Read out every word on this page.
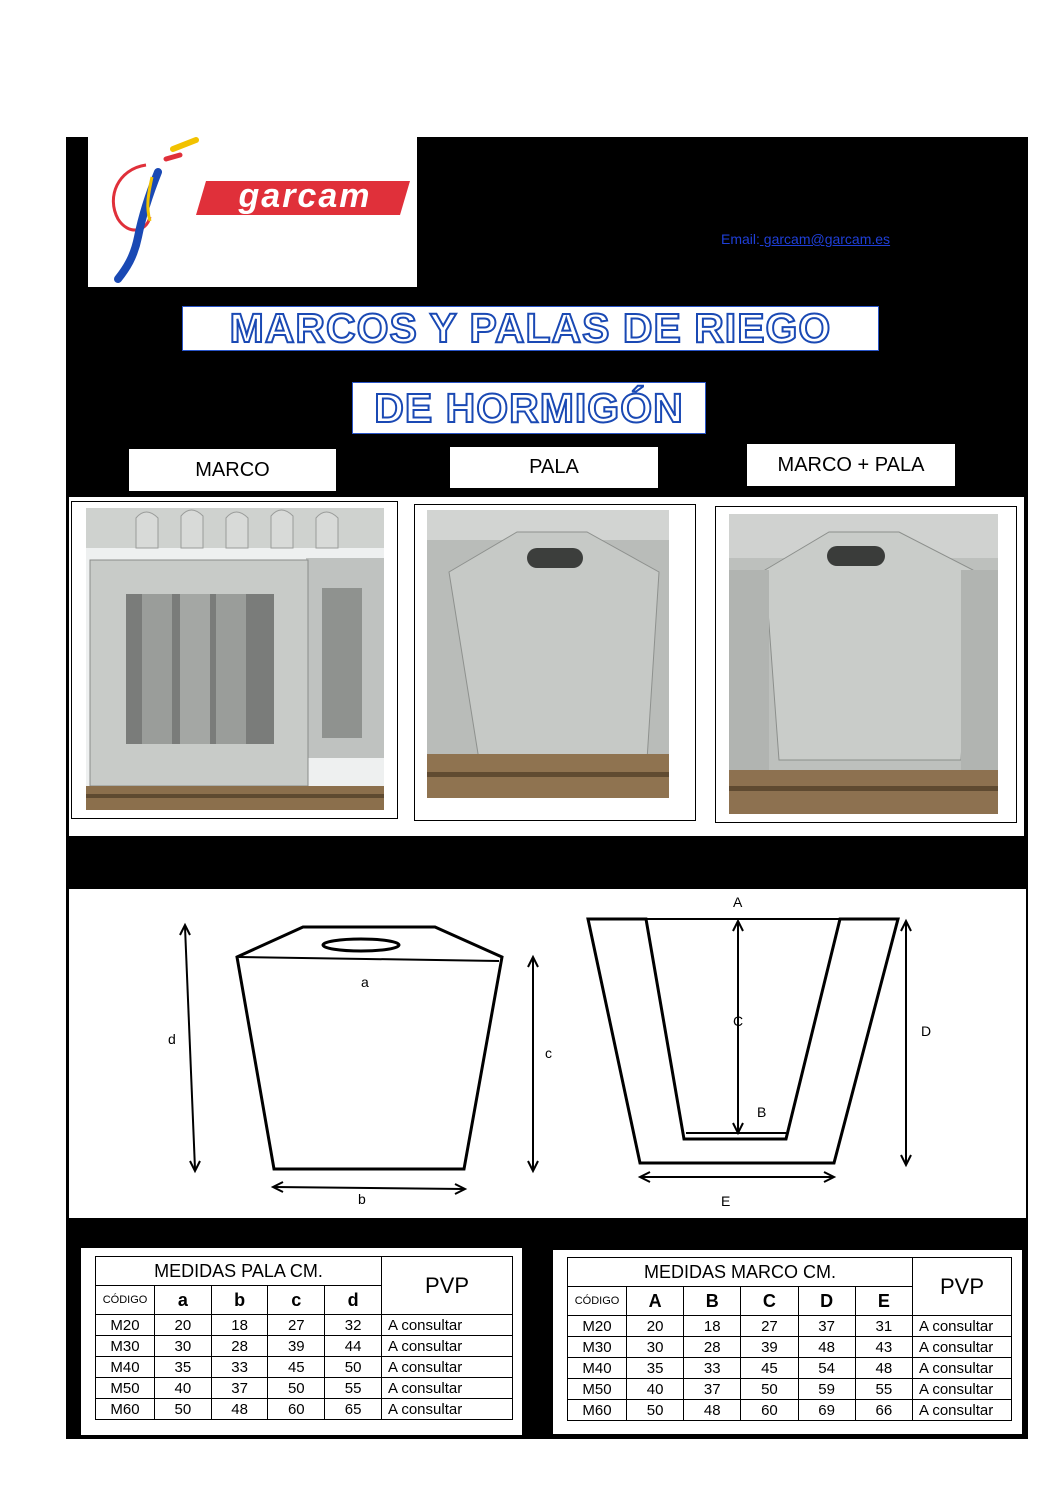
garcam
Email: garcam@garcam.es
MARCOS Y PALAS DE RIEGO
DE HORMIGÓN
MARCO	PALA	MARCO + PALA
a
d
c
b
A
C
D
B
E
MEDIDAS PALA CM.					PVP
CÓDIGO	a	b	c	d	
M20	20	18	27	32	A consultar
M30	30	28	39	44	A consultar
M40	35	33	45	50	A consultar
M50	40	37	50	55	A consultar
M60	50	48	60	65	A consultar
MEDIDAS MARCO CM.						PVP
CÓDIGO	A	B	C	D	E	
M20	20	18	27	37	31	A consultar
M30	30	28	39	48	43	A consultar
M40	35	33	45	54	48	A consultar
M50	40	37	50	59	55	A consultar
M60	50	48	60	69	66	A consultar
